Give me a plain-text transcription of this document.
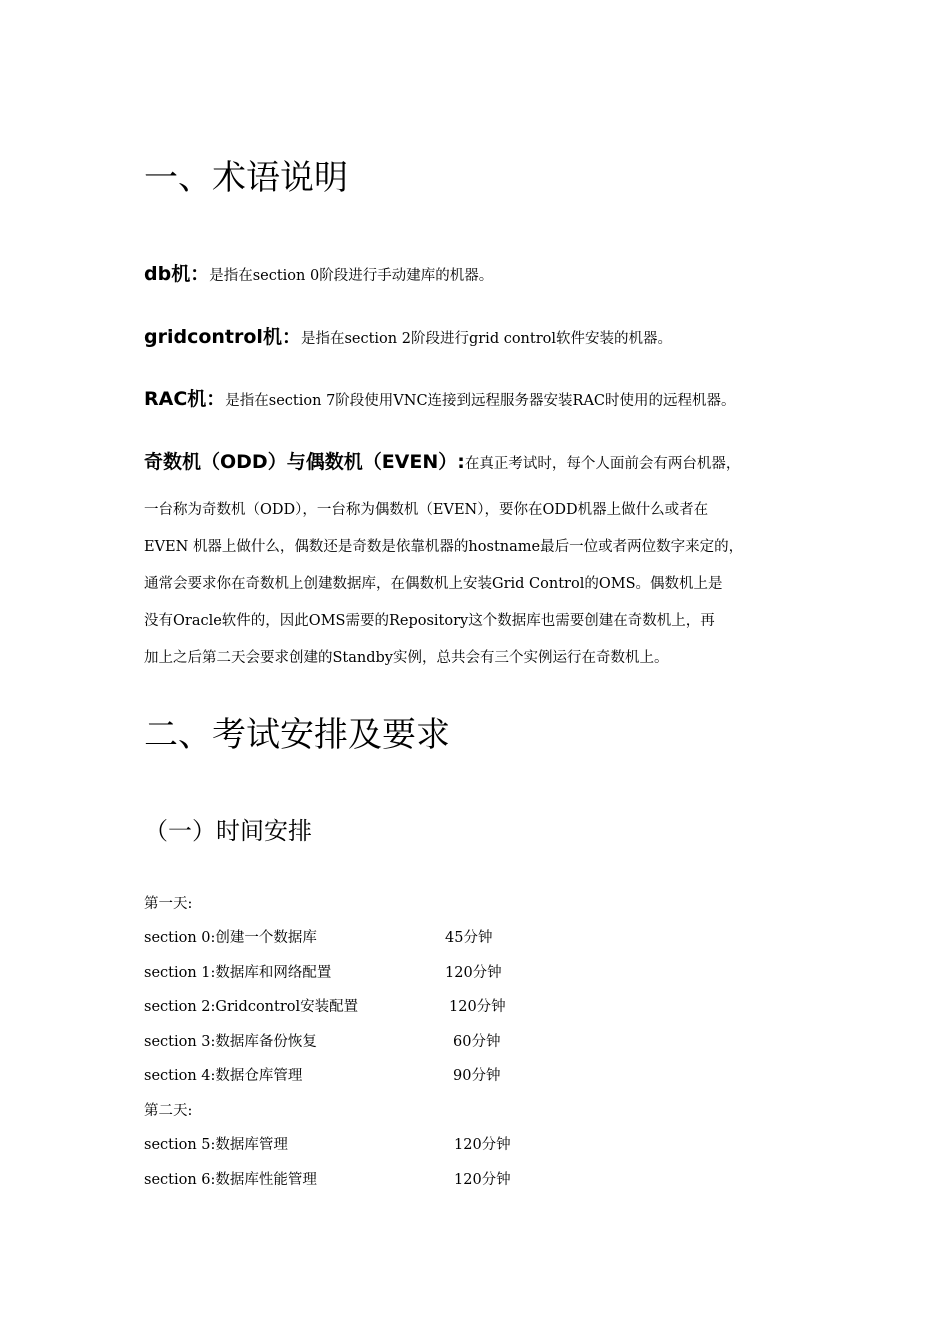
一、术语说明
db机：是指在section 0阶段进行手动建库的机器。
gridcontrol机：是指在section 2阶段进行grid control软件安装的机器。
RAC机：是指在section 7阶段使用VNC连接到远程服务器安装RAC时使用的远程机器。
奇数机（ODD）与偶数机（EVEN）:在真正考试时，每个人面前会有两台机器，
一台称为奇数机（ODD），一台称为偶数机（EVEN），要你在ODD机器上做什么或者在
EVEN 机器上做什么，偶数还是奇数是依靠机器的hostname最后一位或者两位数字来定的，
通常会要求你在奇数机上创建数据库，在偶数机上安装Grid Control的OMS。偶数机上是
没有Oracle软件的，因此OMS需要的Repository这个数据库也需要创建在奇数机上，再
加上之后第二天会要求创建的Standby实例，总共会有三个实例运行在奇数机上。
二、考试安排及要求
（一）时间安排
第一天:
section 0:创建一个数据库	45分钟
section 1:数据库和网络配置	120分钟
section 2:Gridcontrol安装配置	120分钟
section 3:数据库备份恢复	60分钟
section 4:数据仓库管理	90分钟
第二天:
section 5:数据库管理	120分钟
section 6:数据库性能管理	120分钟
